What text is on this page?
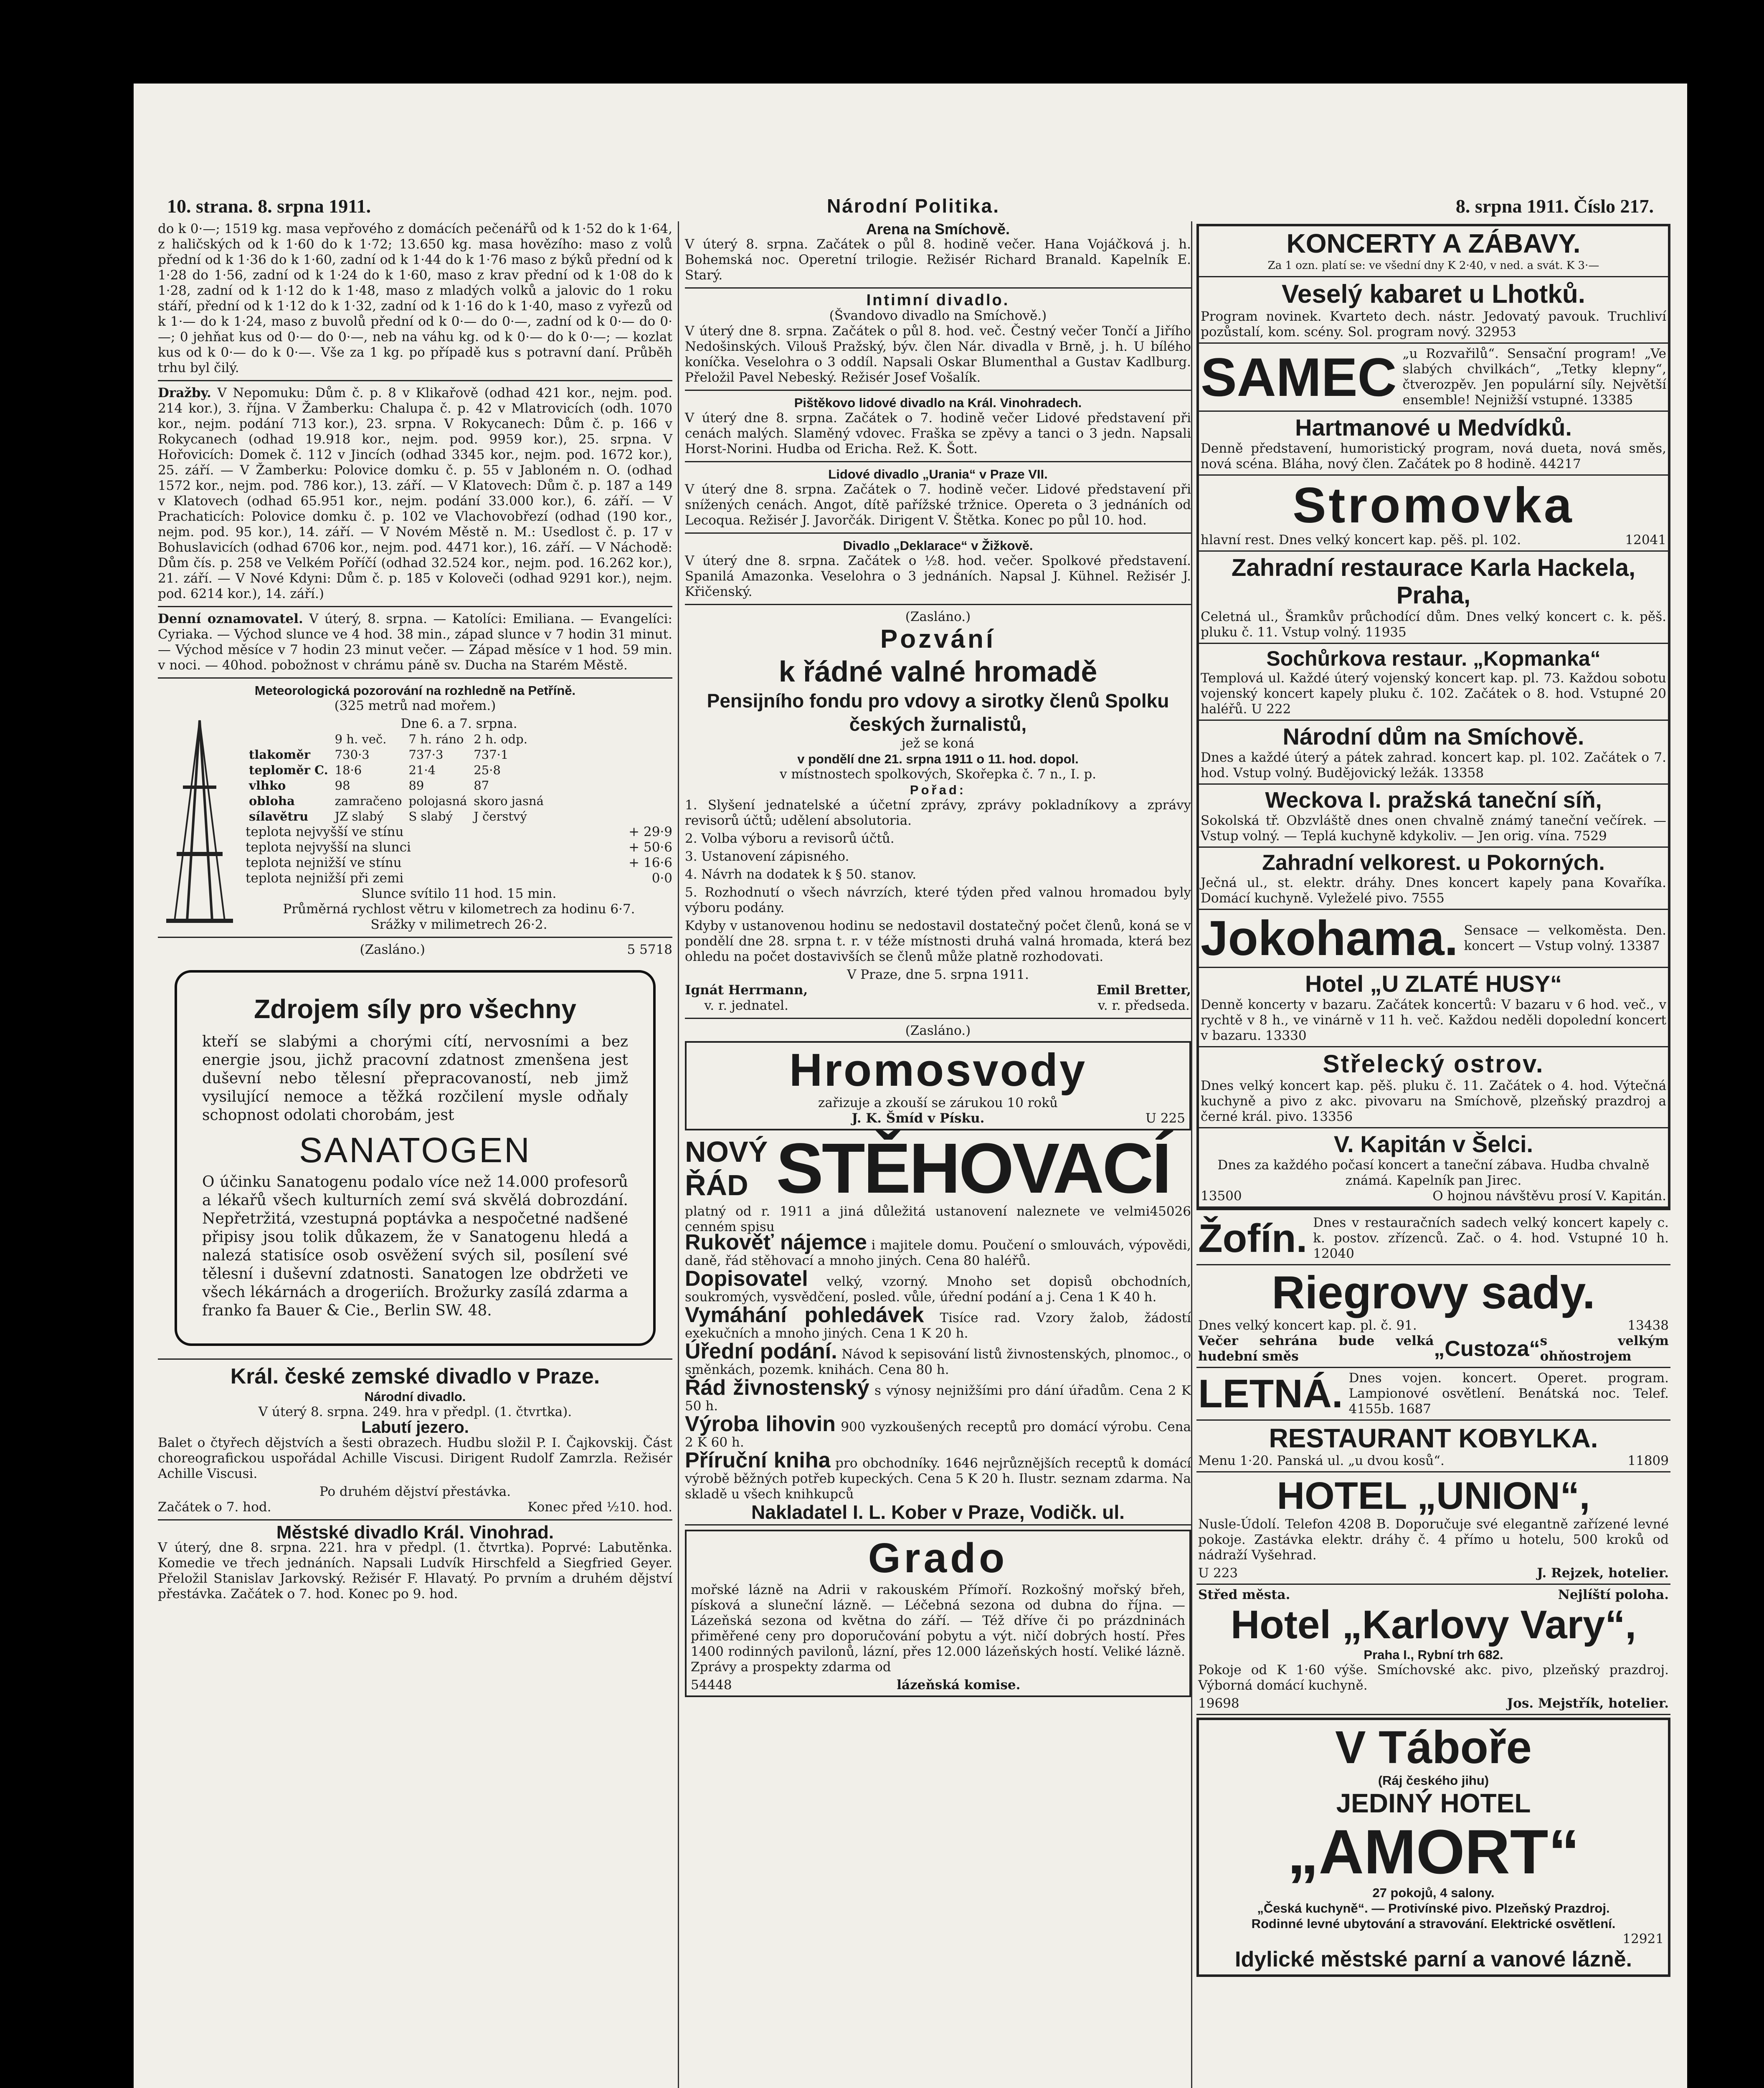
10. strana. 8. srpna 1911.	Národní Politika.	8. srpna 1911. Číslo 217.

do k 0·—; 1519 kg. masa vepřového z domácích pečenářů od k 1·52 do k 1·64, z haličských od k 1·60 do k 1·72; 13.650 kg. masa hovězího: maso z volů přední od k 1·36 do k 1·60, zadní od k 1·44 do k 1·76 maso z býků přední od k 1·28 do 1·56, zadní od k 1·24 do k 1·60, maso z krav přední od k 1·08 do k 1·28, zadní od k 1·12 do k 1·48, maso z mladých volků a jalovic do 1 roku stáří, přední od k 1·12 do k 1·32, zadní od k 1·16 do k 1·40, maso z vyřezů od k 1·— do k 1·24, maso z buvolů přední od k 0·— do 0·—, zadní od k 0·— do 0·—; 0 jehňat kus od 0·— do 0·—, neb na váhu kg. od k 0·— do k 0·—; — kozlat kus od k 0·— do k 0·—. Vše za 1 kg. po případě kus s potravní daní. Průběh trhu byl čilý.

Dražby. V Nepomuku: Dům č. p. 8 v Klikařově (odhad 421 kor., nejm. pod. 214 kor.), 3. října. V Žamberku: Chalupa č. p. 42 v Mlatrovicích (odh. 1070 kor., nejm. podání 713 kor.), 23. srpna. V Rokycanech: Dům č. p. 166 v Rokycanech (odhad 19.918 kor., nejm. pod. 9959 kor.), 25. srpna. V Hořovicích: Domek č. 112 v Jincích (odhad 3345 kor., nejm. pod. 1672 kor.), 25. září. — V Žamberku: Polovice domku č. p. 55 v Jabloném n. O. (odhad 1572 kor., nejm. pod. 786 kor.), 13. září. — V Klatovech: Dům č. p. 187 a 149 v Klatovech (odhad 65.951 kor., nejm. podání 33.000 kor.), 6. září. — V Prachaticích: Polovice domku č. p. 102 ve Vlachovobřezí (odhad (190 kor., nejm. pod. 95 kor.), 14. září. — V Novém Městě n. M.: Usedlost č. p. 17 v Bohuslavicích (odhad 6706 kor., nejm. pod. 4471 kor.), 16. září. — V Náchodě: Dům čís. p. 258 ve Velkém Poříčí (odhad 32.524 kor., nejm. pod. 16.262 kor.), 21. září. — V Nové Kdyni: Dům č. p. 185 v Koloveči (odhad 9291 kor.), nejm. pod. 6214 kor.), 14. září.)

Denní oznamovatel. V úterý, 8. srpna. — Katolíci: Emiliana. — Evangelíci: Cyriaka. — Východ slunce ve 4 hod. 38 min., západ slunce v 7 hodin 31 minut. — Východ měsíce v 7 hodin 23 minut večer. — Západ měsíce v 1 hod. 59 min. v noci. — 40hod. pobožnost v chrámu páně sv. Ducha na Starém Městě.

Meteorologická pozorování na rozhledně na Petříně.
(325 metrů nad mořem.)
Dne 6. a 7. srpna.
	9 h. več.	7 h. ráno	2 h. odp.
tlakoměr	730·3	737·3	737·1
teploměr C.	18·6	21·4	25·8
vlhko	98	89	87
obloha	zamračeno	polojasná	skoro jasná
sílavětru	JZ slabý	S slabý	J čerstvý
teplota nejvyšší ve stínu	+ 29·9
teplota nejvyšší na slunci	+ 50·6
teplota nejnižší ve stínu	+ 16·6
teplota nejnižší při zemi	0·0
Slunce svítilo 11 hod. 15 min.
Průměrná rychlost větru v kilometrech za hodinu 6·7.
Srážky v milimetrech 26·2.
(Zasláno.)	5 5718
Zdrojem síly pro všechny

kteří se slabými a chorými cítí, nervosními a bez energie jsou, jichž pracovní zdatnost zmenšena jest duševní nebo tělesní přepracovaností, neb jimž vysilující nemoce a těžká rozčilení mysle odňaly schopnost odolati chorobám, jest

SANATOGEN

O účinku Sanatogenu podalo více než 14.000 profesorů a lékařů všech kulturních zemí svá skvělá dobrozdání. Nepřetržitá, vzestupná poptávka a nespočetné nadšené připisy jsou tolik důkazem, že v Sanatogenu hledá a nalezá statisíce osob osvěžení svých sil, posílení své tělesní i duševní zdatnosti. Sanatogen lze obdržeti ve všech lékárnách a drogeriích. Brožurky zasílá zdarma a franko fa Bauer & Cie., Berlin SW. 48.

Král. české zemské divadlo v Praze.
Národní divadlo.
V úterý 8. srpna. 249. hra v předpl. (1. čtvrtka).
Labutí jezero.

Balet o čtyřech dějstvích a šesti obrazech. Hudbu složil P. I. Čajkovskij. Část choreografickou uspořádal Achille Viscusi. Dirigent Rudolf Zamrzla. Režisér Achille Viscusi.

Po druhém dějství přestávka.
Začátek o 7. hod.	Konec před ½10. hod.
Městské divadlo Král. Vinohrad.

V úterý, dne 8. srpna. 221. hra v předpl. (1. čtvrtka). Poprvé: Labutěnka. Komedie ve třech jednáních. Napsali Ludvík Hirschfeld a Siegfried Geyer. Přeložil Stanislav Jarkovský. Režisér F. Hlavatý. Po prvním a druhém dějství přestávka. Začátek o 7. hod. Konec po 9. hod.

Arena na Smíchově.

V úterý 8. srpna. Začátek o půl 8. hodině večer. Hana Vojáčková j. h. Bohemská noc. Operetní trilogie. Režisér Richard Branald. Kapelník E. Starý.

Intimní divadlo.
(Švandovo divadlo na Smíchově.)

V úterý dne 8. srpna. Začátek o půl 8. hod. več. Čestný večer Tončí a Jiřího Nedošinských. Vilouš Pražský, býv. člen Nár. divadla v Brně, j. h. U bílého koníčka. Veselohra o 3 oddíl. Napsali Oskar Blumenthal a Gustav Kadlburg. Přeložil Pavel Nebeský. Režisér Josef Vošalík.

Pištěkovo lidové divadlo na Král. Vinohradech.

V úterý dne 8. srpna. Začátek o 7. hodině večer Lidové představení při cenách malých. Slaměný vdovec. Fraška se zpěvy a tanci o 3 jedn. Napsali Horst-Norini. Hudba od Ericha. Rež. K. Šott.

Lidové divadlo „Urania“ v Praze VII.

V úterý dne 8. srpna. Začátek o 7. hodině večer. Lidové představení při snížených cenách. Angot, dítě pařížské tržnice. Opereta o 3 jednáních od Lecoqua. Režisér J. Javorčák. Dirigent V. Štětka. Konec po půl 10. hod.

Divadlo „Deklarace“ v Žižkově.

V úterý dne 8. srpna. Začátek o ½8. hod. večer. Spolkové představení. Spanilá Amazonka. Veselohra o 3 jednáních. Napsal J. Kühnel. Režisér J. Křičenský.

(Zasláno.)
Pozvání
k řádné valné hromadě
Pensijního fondu pro vdovy a sirotky členů Spolku českých žurnalistů,
jež se koná
v pondělí dne 21. srpna 1911 o 11. hod. dopol.
v místnostech spolkových, Skořepka č. 7 n., I. p.
Pořad:

1. Slyšení jednatelské a účetní zprávy, zprávy pokladníkovy a zprávy revisorů účtů; udělení absolutoria.

2. Volba výboru a revisorů účtů.

3. Ustanovení zápisného.

4. Návrh na dodatek k § 50. stanov.

5. Rozhodnutí o všech návrzích, které týden před valnou hromadou byly výboru podány.

Kdyby v ustanovenou hodinu se nedostavil dostatečný počet členů, koná se v pondělí dne 28. srpna t. r. v téže místnosti druhá valná hromada, která bez ohledu na počet dostavivších se členů může platně rozhodovati.

V Praze, dne 5. srpna 1911.
Ignát Herrmann,
v. r. jednatel.
Emil Bretter,
v. r. předseda.
(Zasláno.)
Hromosvody
zařizuje a zkouší se zárukou 10 roků
J. K. Šmíd v Písku.	U 225
NOVÝ
ŘÁD STĚHOVACÍ
platný od r. 1911 a jiná důležitá ustanovení naleznete ve velmi cenném spisu
45026

Rukověť nájemce i majitele domu. Poučení o smlouvách, výpovědi, daně, řád stěhovací a mnoho jiných. Cena 80 haléřů.

Dopisovatel velký, vzorný. Mnoho set dopisů obchodních, soukromých, vysvědčení, posled. vůle, úřední podání a j. Cena 1 K 40 h.

Vymáhání pohledávek Tisíce rad. Vzory žalob, žádostí exekučních a mnoho jiných. Cena 1 K 20 h.

Úřední podání. Návod k sepisování listů živnostenských, plnomoc., o směnkách, pozemk. knihách. Cena 80 h.

Řád živnostenský s výnosy nejnižšími pro dání úřadům. Cena 2 K 50 h.

Výroba lihovin 900 vyzkoušených receptů pro domácí výrobu. Cena 2 K 60 h.

Příruční kniha pro obchodníky. 1646 nejrůznějších receptů k domácí výrobě běžných potřeb kupeckých. Cena 5 K 20 h. Ilustr. seznam zdarma. Na skladě u všech knihkupců

Nakladatel I. L. Kober v Praze, Vodičk. ul.
Grado

mořské lázně na Adrii v rakouském Přímoří. Rozkošný mořský břeh, písková a sluneční lázně. — Léčebná sezona od dubna do října. — Lázeňská sezona od května do září. — Též dříve či po prázdninách přiměřené ceny pro doporučování pobytu a výt. ničí dobrých hostí. Přes 1400 rodinných pavilonů, lázní, přes 12.000 lázeňských hostí. Veliké lázně. Zprávy a prospekty zdarma od

54448	lázeňská komise.
KONCERTY A ZÁBAVY.
Za 1 ozn. platí se: ve všední dny K 2·40, v ned. a svát. K 3·—
Veselý kabaret u Lhotků.
Program novinek. Kvarteto dech. nástr. Jedovatý pavouk. Truchliví pozůstalí, kom. scény. Sol. program nový. 32953
SAMEC „u Rozvařilů“. Sensační program! „Ve slabých chvilkách“, „Tetky klepny“, čtverozpěv. Jen populární síly. Největší ensemble! Nejnižší vstupné. 13385
Hartmanové u Medvídků.
Denně představení, humoristický program, nová dueta, nová směs, nová scéna. Bláha, nový člen. Začátek po 8 hodině. 44217
Stromovka
hlavní rest. Dnes velký koncert kap. pěš. pl. 102.	12041
Zahradní restaurace Karla Hackela, Praha,
Celetná ul., Šramkův průchodící dům. Dnes velký koncert c. k. pěš. pluku č. 11. Vstup volný. 11935
Sochůrkova restaur. „Kopmanka“
Templová ul. Každé úterý vojenský koncert kap. pl. 73. Každou sobotu vojenský koncert kapely pluku č. 102. Začátek o 8. hod. Vstupné 20 haléřů. U 222
Národní dům na Smíchově.
Dnes a každé úterý a pátek zahrad. koncert kap. pl. 102. Začátek o 7. hod. Vstup volný. Budějovický ležák. 13358
Weckova I. pražská taneční síň,
Sokolská tř. Obzvláště dnes onen chvalně známý taneční večírek. — Vstup volný. — Teplá kuchyně kdykoliv. — Jen orig. vína. 7529
Zahradní velkorest. u Pokorných.
Ječná ul., st. elektr. dráhy. Dnes koncert kapely pana Kovaříka. Domácí kuchyně. Vyleželé pivo. 7555
Jokohama. Sensace — velkoměsta. Den. koncert — Vstup volný. 13387
Hotel „U ZLATÉ HUSY“
Denně koncerty v bazaru. Začátek koncertů: V bazaru v 6 hod. več., v rychtě v 8 h., ve vinárně v 11 h. več. Každou neděli dopolední koncert v bazaru. 13330
Střelecký ostrov.
Dnes velký koncert kap. pěš. pluku č. 11. Začátek o 4. hod. Výtečná kuchyně a pivo z akc. pivovaru na Smíchově, plzeňský prazdroj a černé král. pivo. 13356
V. Kapitán v Šelci.
Dnes za každého počasí koncert a taneční zábava. Hudba chvalně známá. Kapelník pan Jirec.
13500	O hojnou návštěvu prosí V. Kapitán.
Žofín. Dnes v restauračních sadech velký koncert kapely c. k. postov. zřízenců. Zač. o 4. hod. Vstupné 10 h. 12040
Riegrovy sady.
Dnes velký koncert kap. pl. č. 91.	13438
Večer sehrána bude velká hudební směs	„Custoza“ s velkým ohňostrojem
LETNÁ. Dnes vojen. koncert. Operet. program. Lampionové osvětlení. Benátská noc. Telef. 4155b. 1687
RESTAURANT KOBYLKA.
Menu 1·20. Panská ul. „u dvou kosů“.	11809
HOTEL „UNION“,

Nusle-Údolí. Telefon 4208 B. Doporučuje své elegantně zařízené levné pokoje. Zastávka elektr. dráhy č. 4 přímo u hotelu, 500 kroků od nádraží Vyšehrad.

U 223	J. Rejzek, hotelier.
Střed města.	Nejlíští poloha.
Hotel „Karlovy Vary“,
Praha I., Rybní trh 682.

Pokoje od K 1·60 výše. Smíchovské akc. pivo, plzeňský prazdroj. Výborná domácí kuchyně.

19698	Jos. Mejstřík, hotelier.
V Táboře
(Ráj českého jihu)
JEDINÝ HOTEL
„AMORT“
27 pokojů, 4 salony.
„Česká kuchyně“. — Protivínské pivo. Plzeňský Prazdroj.
Rodinné levné ubytování a stravování. Elektrické osvětlení.
12921
Idylické městské parní a vanové lázně.
